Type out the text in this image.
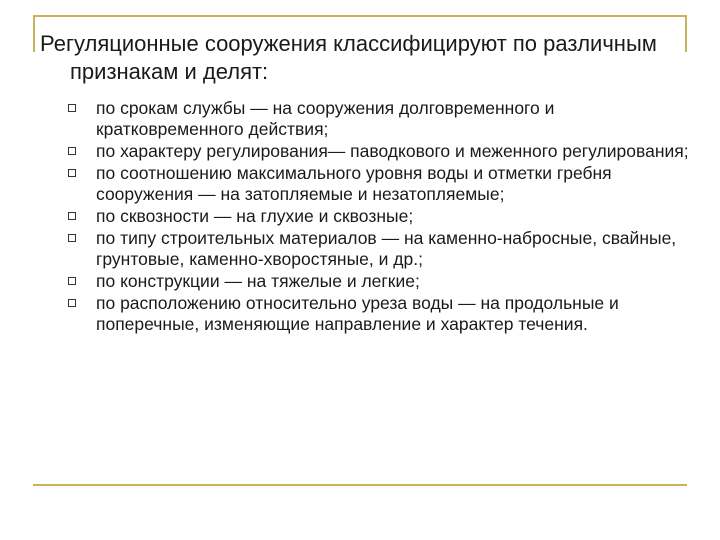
Регуляционные сооружения классифицируют по различным признакам и делят:
по срокам службы — на сооружения долговременного и кратковременного действия;
по характеру регулирования— паводкового и меженного регулирования;
по соотношению максимального уровня воды и отметки гребня сооружения — на затопляемые и незатопляемые;
по сквозности — на глухие и сквозные;
по типу строительных материалов — на каменно-набросные, свайные, грунтовые, каменно-хворостяные, и др.;
по конструкции — на тяжелые и легкие;
по расположению относительно уреза воды — на продольные и поперечные, изменяющие направление и характер течения.
